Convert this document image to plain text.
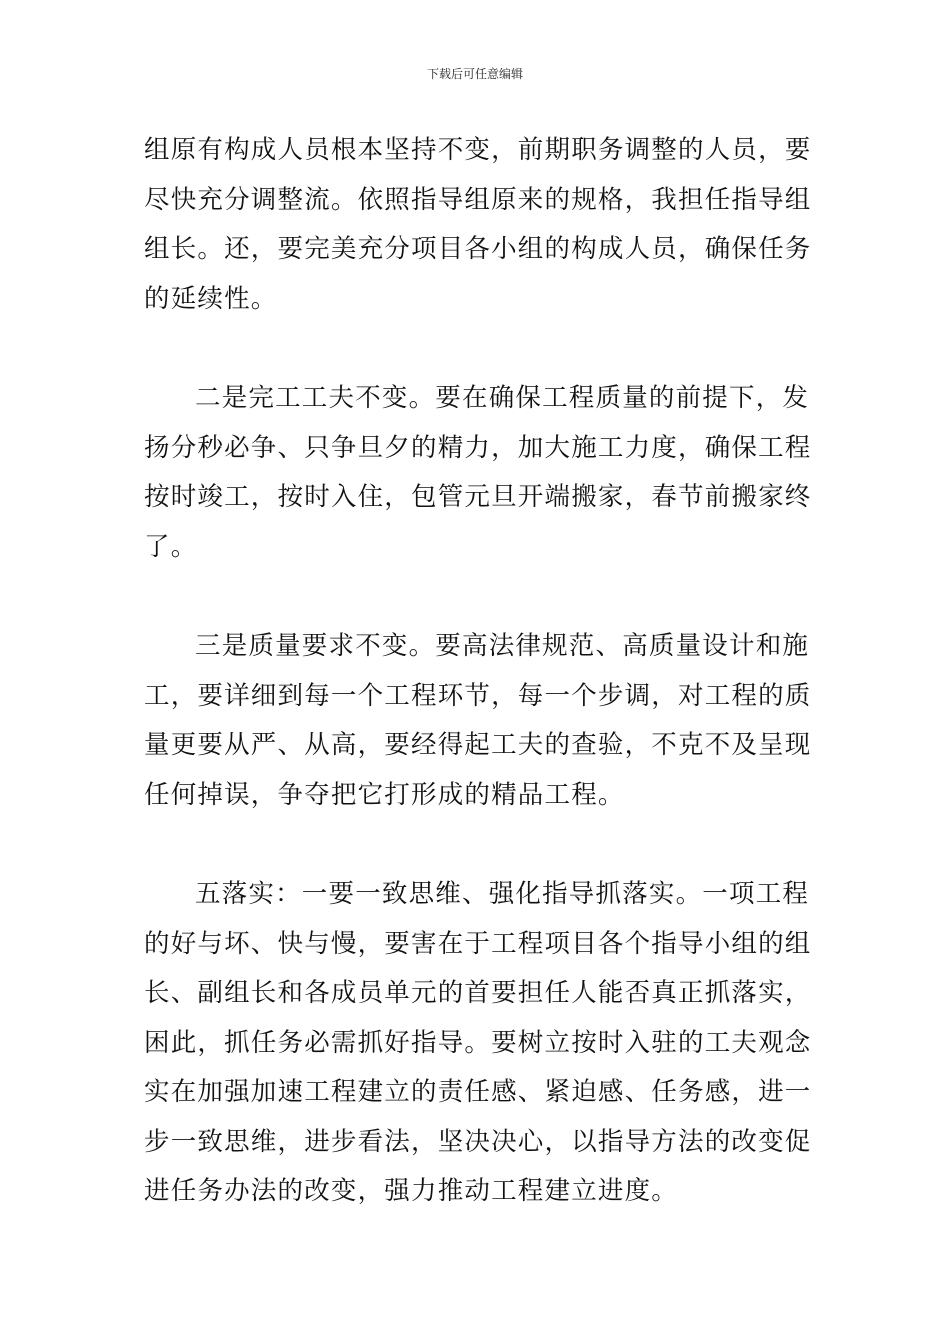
下载后可任意编辑
组原有构成人员根本坚持不变，前期职务调整的人员，要
尽快充分调整流。依照指导组原来的规格，我担任指导组
组长。还，要完美充分项目各小组的构成人员，确保任务
的延续性。
二是完工工夫不变。要在确保工程质量的前提下，发
扬分秒必争、只争旦夕的精力，加大施工力度，确保工程
按时竣工，按时入住，包管元旦开端搬家，春节前搬家终
了。
三是质量要求不变。要高法律规范、高质量设计和施
工，要详细到每一个工程环节，每一个步调，对工程的质
量更要从严、从高，要经得起工夫的查验，不克不及呈现
任何掉误，争夺把它打形成的精品工程。
五落实：一要一致思维、强化指导抓落实。一项工程
的好与坏、快与慢，要害在于工程项目各个指导小组的组
长、副组长和各成员单元的首要担任人能否真正抓落实，
困此，抓任务必需抓好指导。要树立按时入驻的工夫观念
实在加强加速工程建立的责任感、紧迫感、任务感，进一
步一致思维，进步看法，坚决决心，以指导方法的改变促
进任务办法的改变，强力推动工程建立进度。
